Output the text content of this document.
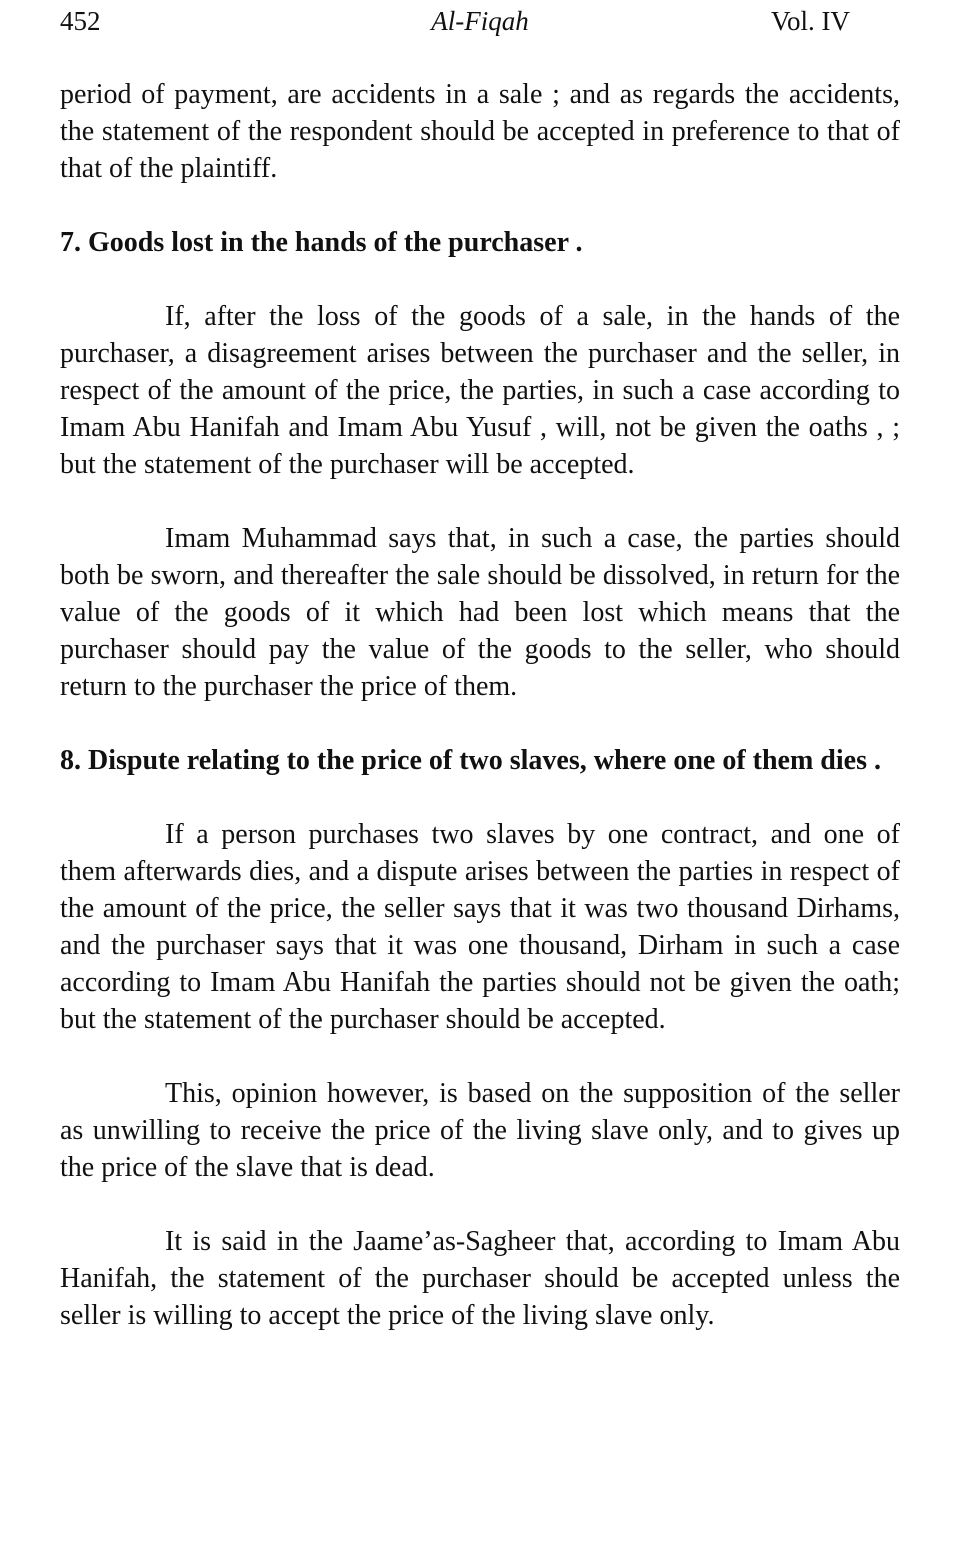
452	Al-Fiqah	Vol. IV

period of payment, are accidents in a sale ; and as regards the accidents, the statement of the respondent should be accepted in preference to that of that of the plaintiff.

7. Goods lost in the hands of the purchaser .

If, after the loss of the goods of a sale, in the hands of the purchaser, a disagreement arises between the purchaser and the seller, in respect of the amount of the price, the parties, in such a case according to Imam Abu Hanifah and Imam Abu Yusuf , will, not be given the oaths , ; but the statement of the purchaser will be accepted.

Imam Muhammad says that, in such a case, the parties should both be sworn, and thereafter the sale should be dissolved, in return for the value of the goods of it which had been lost which means that the purchaser should pay the value of the goods to the seller, who should return to the purchaser the price of them.

8. Dispute relating to the price of two slaves, where one of them dies .

If a person purchases two slaves by one contract, and one of them afterwards dies, and a dispute arises between the parties in respect of the amount of the price, the seller says that it was two thousand Dirhams, and the purchaser says that it was one thousand, Dirham in such a case according to Imam Abu Hanifah the parties should not be given the oath; but the statement of the purchaser should be accepted.

This, opinion however, is based on the supposition of the seller as unwilling to receive the price of the living slave only, and to gives up the price of the slave that is dead.

It is said in the Jaame’as-Sagheer that, according to Imam Abu Hanifah, the statement of the purchaser should be accepted unless the seller is willing to accept the price of the living slave only.
